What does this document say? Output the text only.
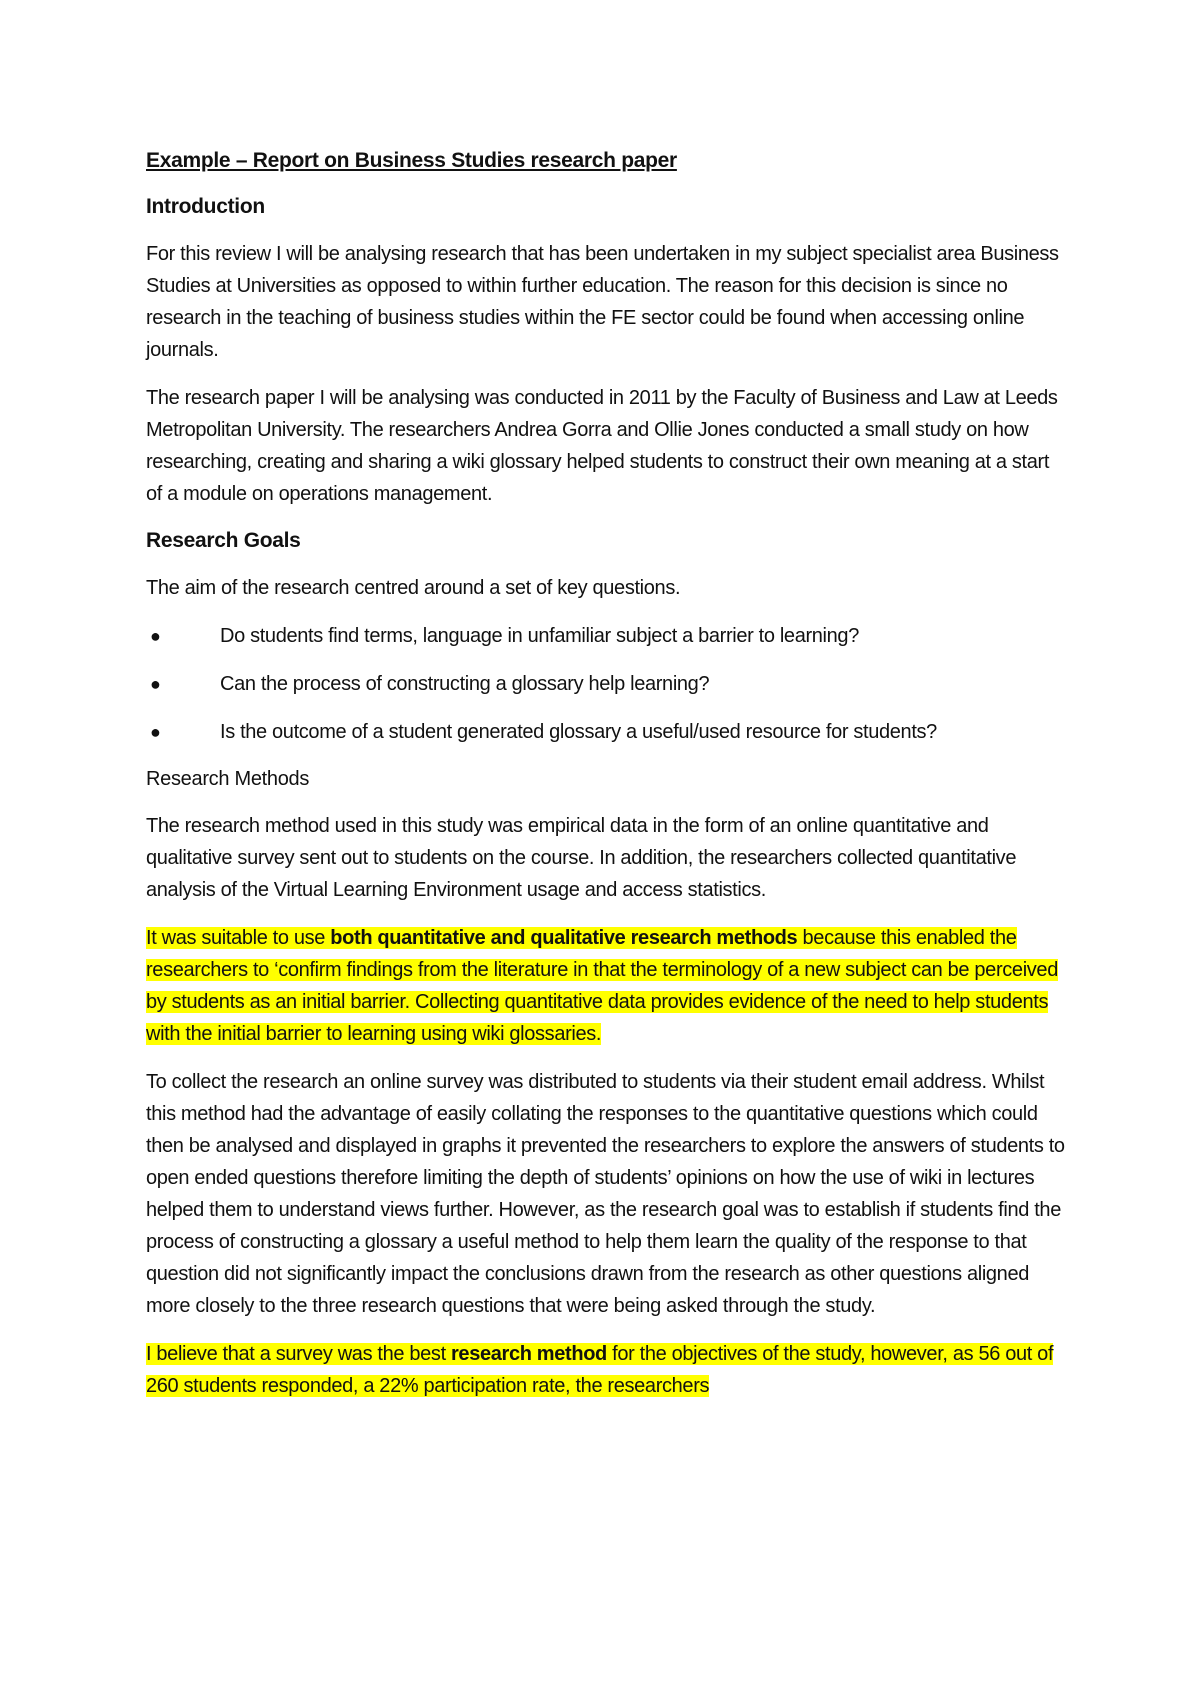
Example – Report on Business Studies research paper
Introduction

For this review I will be analysing research that has been undertaken in my subject specialist area Business Studies at Universities as opposed to within further education. The reason for this decision is since no research in the teaching of business studies within the FE sector could be found when accessing online journals.

The research paper I will be analysing was conducted in 2011 by the Faculty of Business and Law at Leeds Metropolitan University. The researchers Andrea Gorra and Ollie Jones conducted a small study on how researching, creating and sharing a wiki glossary helped students to construct their own meaning at a start of a module on operations management.

Research Goals

The aim of the research centred around a set of key questions.

●	Do students find terms, language in unfamiliar subject a barrier to learning?
●	Can the process of constructing a glossary help learning?
●	Is the outcome of a student generated glossary a useful/used resource for students?
Research Methods

The research method used in this study was empirical data in the form of an online quantitative and qualitative survey sent out to students on the course. In addition, the researchers collected quantitative analysis of the Virtual Learning Environment usage and access statistics.

It was suitable to use both quantitative and qualitative research methods because this enabled the researchers to ‘confirm findings from the literature in that the terminology of a new subject can be perceived by students as an initial barrier. Collecting quantitative data provides evidence of the need to help students with the initial barrier to learning using wiki glossaries.

To collect the research an online survey was distributed to students via their student email address. Whilst this method had the advantage of easily collating the responses to the quantitative questions which could then be analysed and displayed in graphs it prevented the researchers to explore the answers of students to open ended questions therefore limiting the depth of students’ opinions on how the use of wiki in lectures helped them to understand views further. However, as the research goal was to establish if students find the process of constructing a glossary a useful method to help them learn the quality of the response to that question did not significantly impact the conclusions drawn from the research as other questions aligned more closely to the three research questions that were being asked through the study.

I believe that a survey was the best research method for the objectives of the study, however, as 56 out of 260 students responded, a 22% participation rate, the researchers
